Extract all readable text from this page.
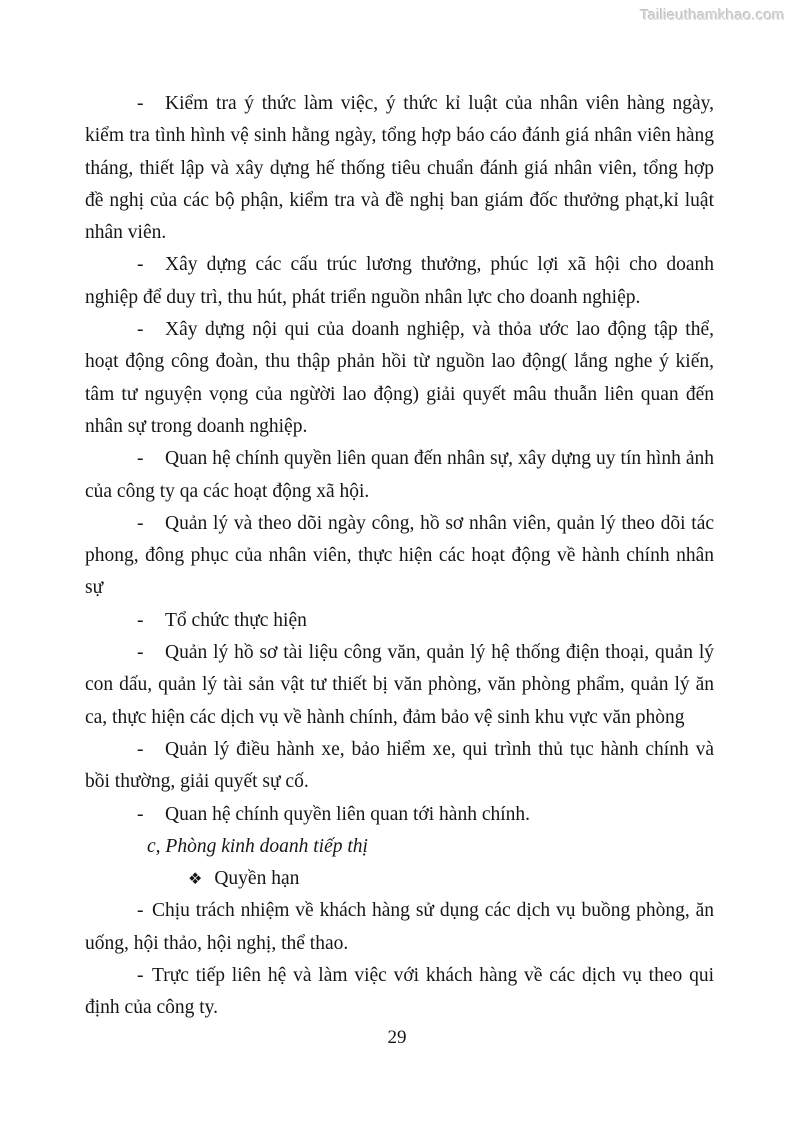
Tailieuthamkhao.com

- Kiểm tra ý thức làm việc, ý thức kỉ luật của nhân viên hàng ngày, kiểm tra tình hình vệ sinh hằng ngày, tổng hợp báo cáo đánh giá nhân viên hàng tháng, thiết lập và xây dựng hế thống tiêu chuẩn đánh giá nhân viên, tổng hợp đề nghị của các bộ phận, kiểm tra và đề nghị ban giám đốc thưởng phạt,kỉ luật nhân viên.

- Xây dựng các cấu trúc lương thưởng, phúc lợi xã hội cho doanh nghiệp để duy trì, thu hút, phát triển nguồn nhân lực cho doanh nghiệp.

- Xây dựng nội qui của doanh nghiệp, và thỏa ước lao động tập thể, hoạt động công đoàn, thu thập phản hồi từ nguồn lao động( lắng nghe ý kiến, tâm tư nguyện vọng của ngừời lao động) giải quyết mâu thuẫn liên quan đến nhân sự trong doanh nghiệp.

- Quan hệ chính quyền liên quan đến nhân sự, xây dựng uy tín hình ảnh của công ty qa các hoạt động xã hội.

- Quản lý và theo dõi ngày công, hồ sơ nhân viên, quản lý theo dõi tác phong, đông phục của nhân viên, thực hiện các hoạt động về hành chính nhân sự

- Tổ chức thực hiện

- Quản lý hồ sơ tài liệu công văn, quản lý hệ thống điện thoại, quản lý con dấu, quản lý tài sản vật tư thiết bị văn phòng, văn phòng phẩm, quản lý ăn ca, thực hiện các dịch vụ về hành chính, đảm bảo vệ sinh khu vực văn phòng

- Quản lý điều hành xe, bảo hiểm xe, qui trình thủ tục hành chính và bồi thường, giải quyết sự cố.

- Quan hệ chính quyền liên quan tới hành chính.

c, Phòng kinh doanh tiếp thị

❖ Quyền hạn

- Chịu trách nhiệm về khách hàng sử dụng các dịch vụ buồng phòng, ăn uống, hội thảo, hội nghị, thể thao.

- Trực tiếp liên hệ và làm việc với khách hàng về các dịch vụ theo qui định của công ty.

29
